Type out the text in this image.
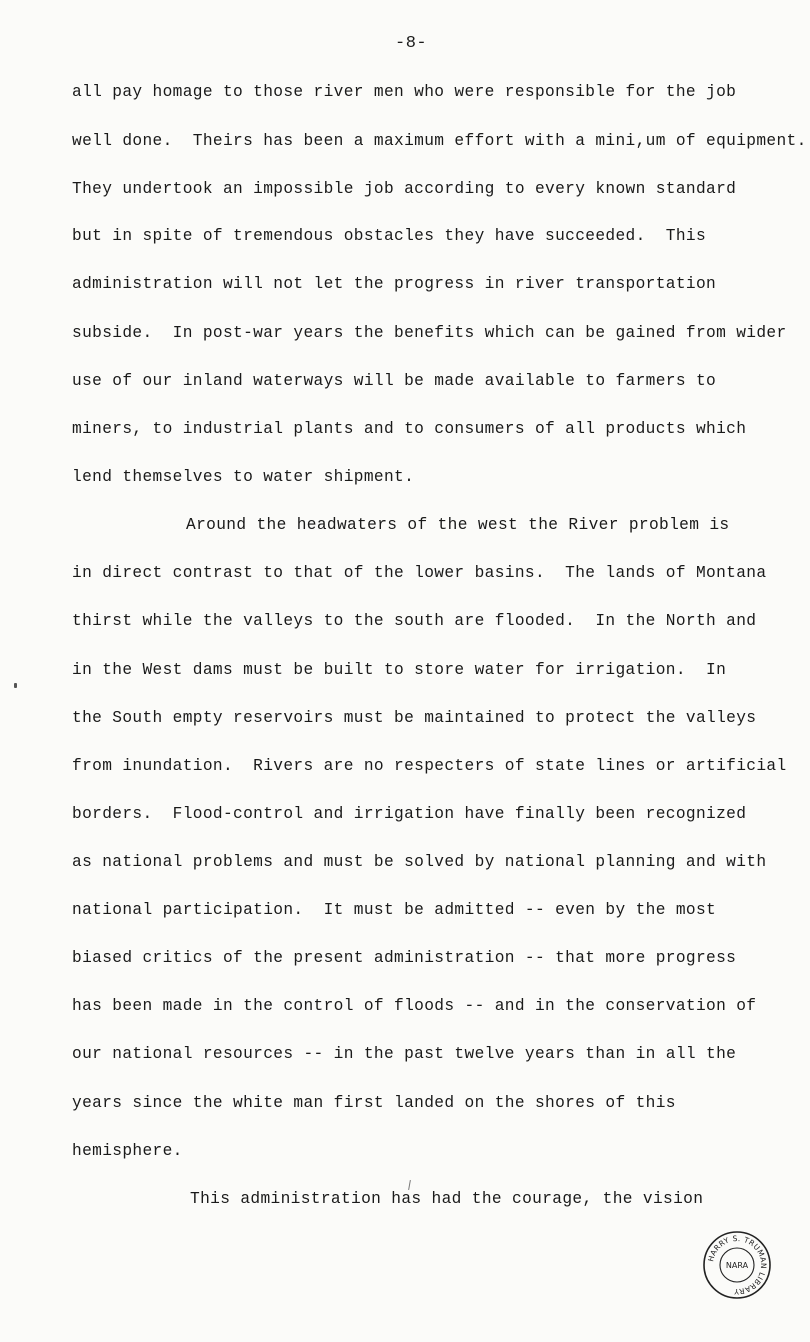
-8-
all pay homage to those river men who were responsible for the job
well done.  Theirs has been a maximum effort with a mini,um of equipment.
They undertook an impossible job according to every known standard
but in spite of tremendous obstacles they have succeeded.  This
administration will not let the progress in river transportation
subside.  In post-war years the benefits which can be gained from wider
use of our inland waterways will be made available to farmers to
miners, to industrial plants and to consumers of all products which
lend themselves to water shipment.
Around the headwaters of the west the River problem is
in direct contrast to that of the lower basins.  The lands of Montana
thirst while the valleys to the south are flooded.  In the North and
in the West dams must be built to store water for irrigation.  In
the South empty reservoirs must be maintained to protect the valleys
from inundation.  Rivers are no respecters of state lines or artificial
borders.  Flood-control and irrigation have finally been recognized
as national problems and must be solved by national planning and with
national participation.  It must be admitted -- even by the most
biased critics of the present administration -- that more progress
has been made in the control of floods -- and in the conservation of
our national resources -- in the past twelve years than in all the
years since the white man first landed on the shores of this
hemisphere.
This administration has had the courage, the vision
HARRY S. TRUMAN LIBRARY
NARA
